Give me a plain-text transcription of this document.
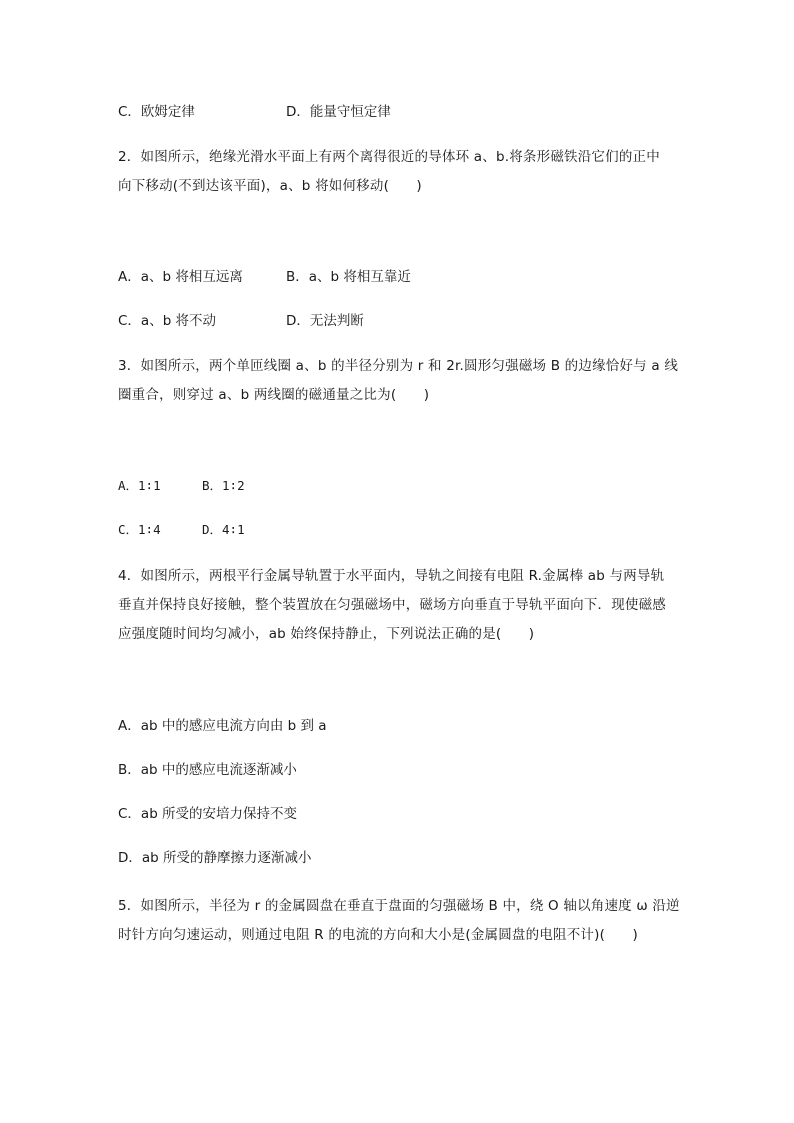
C．欧姆定律	D．能量守恒定律

2．如图所示，绝缘光滑水平面上有两个离得很近的导体环 a、b.将条形磁铁沿它们的正中

向下移动(不到达该平面)，a、b 将如何移动(　　)

A．a、b 将相互远离	B．a、b 将相互靠近
C．a、b 将不动	D．无法判断

3．如图所示，两个单匝线圈 a、b 的半径分别为 r 和 2r.圆形匀强磁场 B 的边缘恰好与 a 线

圈重合，则穿过 a、b 两线圈的磁通量之比为(　　)

A．1∶1	B．1∶2
C．1∶4	D．4∶1

4．如图所示，两根平行金属导轨置于水平面内，导轨之间接有电阻 R.金属棒 ab 与两导轨

垂直并保持良好接触，整个装置放在匀强磁场中，磁场方向垂直于导轨平面向下．现使磁感

应强度随时间均匀减小，ab 始终保持静止，下列说法正确的是(　　)

A．ab 中的感应电流方向由 b 到 a
B．ab 中的感应电流逐渐减小
C．ab 所受的安培力保持不变
D．ab 所受的静摩擦力逐渐减小

5．如图所示，半径为 r 的金属圆盘在垂直于盘面的匀强磁场 B 中，绕 O 轴以角速度 ω 沿逆

时针方向匀速运动，则通过电阻 R 的电流的方向和大小是(金属圆盘的电阻不计)(　　)
